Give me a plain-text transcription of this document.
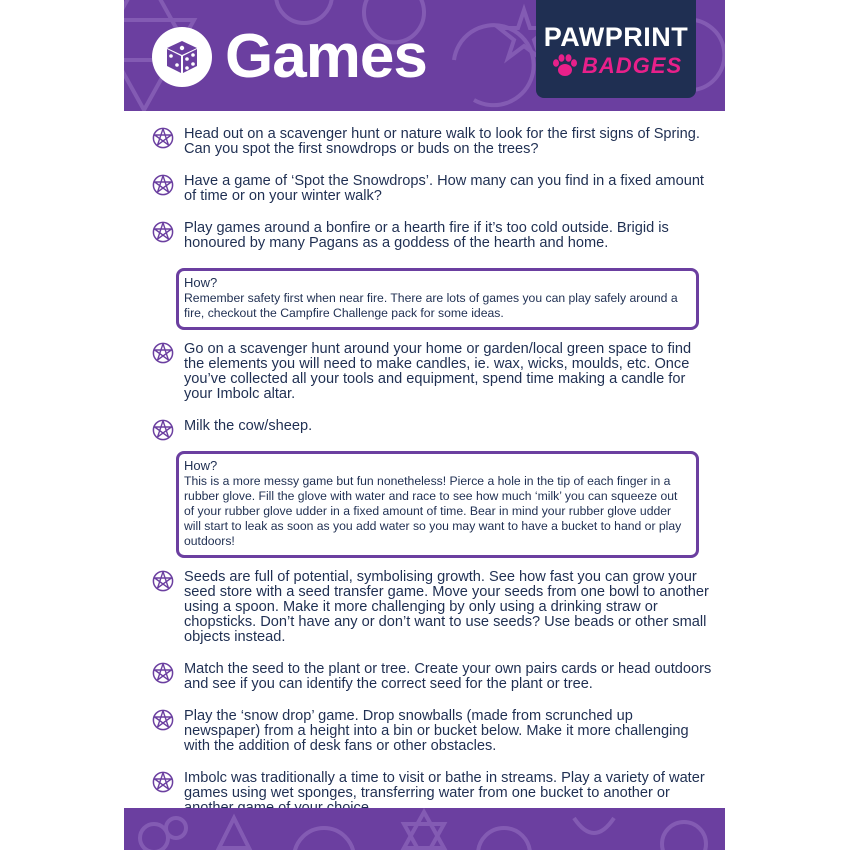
Games	PAWPRINT
BADGES
Head out on a scavenger hunt or nature walk to look for the first signs of Spring. Can you spot the first snowdrops or buds on the trees?
Have a game of ‘Spot the Snowdrops’. How many can you find in a fixed amount of time or on your winter walk?
Play games around a bonfire or a hearth fire if it’s too cold outside. Brigid is honoured by many Pagans as a goddess of the hearth and home.
How?
Remember safety first when near fire. There are lots of games you can play safely around a fire, checkout the Campfire Challenge pack for some ideas.
Go on a scavenger hunt around your home or garden/local green space to find the elements you will need to make candles, ie. wax, wicks, moulds, etc. Once you’ve collected all your tools and equipment, spend time making a candle for your Imbolc altar.
Milk the cow/sheep.
How?
This is a more messy game but fun nonetheless! Pierce a hole in the tip of each finger in a rubber glove. Fill the glove with water and race to see how much ‘milk’ you can squeeze out of your rubber glove udder in a fixed amount of time. Bear in mind your rubber glove udder will start to leak as soon as you add water so you may want to have a bucket to hand or play outdoors!
Seeds are full of potential, symbolising growth. See how fast you can grow your seed store with a seed transfer game. Move your seeds from one bowl to another using a spoon. Make it more challenging by only using a drinking straw or chopsticks. Don’t have any or don’t want to use seeds? Use beads or other small objects instead.
Match the seed to the plant or tree. Create your own pairs cards or head outdoors and see if you can identify the correct seed for the plant or tree.
Play the ‘snow drop’ game. Drop snowballs (made from scrunched up newspaper) from a height into a bin or bucket below. Make it more challenging with the addition of desk fans or other obstacles.
Imbolc was traditionally a time to visit or bathe in streams. Play a variety of water games using wet sponges, transferring water from one bucket to another or
